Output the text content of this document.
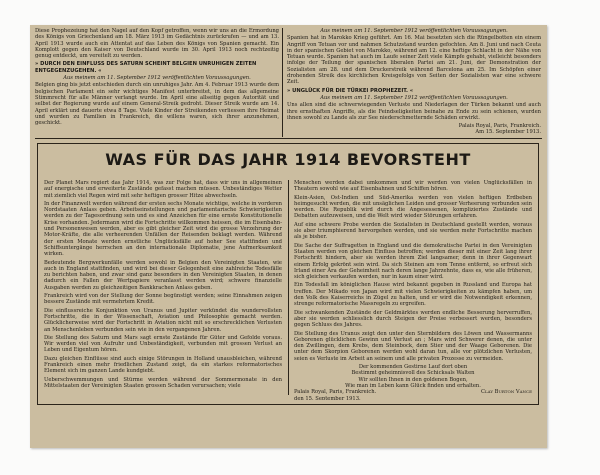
Diese Prophezeiung hat den Nagel auf den Kopf getroffen, wenn wir uns an die Ermordung des Königs von Griechenland am 18. März 1913 im Gedächtnis zurückrufen — und am 13. April 1913 wurde auch ein Attentat auf das Leben des Königs von Spanien gemacht. Ein Komplott gegen den Kaiser von Deutschland wurde im 30. April 1913 noch rechtzeitig genug entdeckt, um vereitelt zu werden.

» DURCH DEN EINFLUSS DES SATURN SCHEINT BELGIEN UNRUHIGEN ZEITEN ENTGEGENZUGEHEN. «
Aus meinem am 11. September 1912 veröffentlichten Voraussagungen.

Belgien ging bis jetzt entschieden durch ein unruhiges Jahr. Am 4. Februar 1913 wurde dem belgischen Parlament ein sehr wichtiges Manifest unterbreitet, in dem das allgemeine Stimmrecht für alle Männer verlangt wurde. Im April eine allseitig gegen Autorität und selbst der Regierung wurde auf einem General-Streik gedroht. Dieser Streik wurde am 14. April erklärt und dauerte etwa 8 Tage. Viele Kinder der Streikenden verliessen ihre Heimat und wurden zu Familien in Frankreich, die willens waren, sich ihrer anzunehmen, geschickt.

Aus meinem am 11. September 1912 veröffentlichten Voraussagungen.

Spanien hat in Marokko Krieg geführt. Am 16. Mai besetzten sich die Rüngelbotten ein einem Angriff von Tetuan vor und nahmen Schutzstand wurden gefochten. Am 8. Juni und nach Ceuta in der spanischen Gebiet von Marokko, während am 12. eine heftige Schlacht in der Nähe von Tetuan wurde. Spanien hat auch im Laufe seiner Zeit viele Kämpfe gehabt, vielleicht besonders infolge der Teilung der spanischen liberalen Partei am 21. Juni, der Demonstration der Sozialisten am 28. und dem Druckerstreik während Barcelona am 25. Im Schöpfen einer drohenden Streik des kirchlichen Kreisgefolgs von Seiten der Sozialisten war eine schwere Zeit.

» UNGLÜCK FÜR DIE TÜRKEI PROPHEZEIT. «
Aus meinem am 11. September 1912 veröffentlichten Voraussagungen.

Uns allen sind die schwerwiegenden Verluste und Niederlagen der Türken bekannt und auch ihre ernsthaften Angriffe, als die Feindseligkeiten beinahe zu Ende zu sein schienen, wurden ihnen sowohl zu Lande als zur See niederschmetternde Schäden erwirkt.

Palais Royal, Paris, Frankreich.
Am 15. September 1913.
WAS FÜR DAS JAHR 1914 BEVORSTEHT

Der Planet Mars regiert das Jahr 1914, was zur Folge hat, dass wir uns in allgemeinen auf energische und erweiterte Zustände gefasst machen müssen. Unbeständiges Wetter mit ziemlich viel Regen wird mit sehr heftigen grosser Hitze abwechseln.

In der Finanzwelt werden während der ersten sechs Monate wichtige, welche in vorderen Nordstaaten Anlass geben. Arbeitseinstellungen und parlamentarische Schwierigkeiten werden zu der Tagesordnung sein und es sind Anzeichen für eine ernste Konstitutionelle Krise vorhanden. Jedermann wird die Fortschritte willkommen heissen, die im Eisenbahn- und Personenwesen werden, aber es gibt gleicher Zeit wird die grosse Verzehrung der Motor-Kräfte, die alle verheerenden Unfällen der Reisenden beklagt werden. Während der ersten Monate werden ernstliche Unglücksfälle auf hoher See stattfinden und Schiffsuntergänge herrschen an den internationale Diplomatie, jene Aufmerksamkeit wirken.

Bedeutende Bergwerkunfälle werden sowohl in Belgien den Vereinigten Staaten, wie auch in England stattfinden, und wird bei dieser Gelegenheit eine zahlreiche Todesfälle zu berichten haben, und zwar sind ganz besonders in den Vereinigten Staaten, in denen dadurch ein Fallen der Wertpapiere veranlasst werden wird; schwere finanzielle Ausgaben werden zu gleichzeitigen Bankkrachen Anlass geben.

Frankreich wird von der Stellung der Sonne begünstigt werden; seine Einnahmen zeigen bessere Zustände mit vermehrtem Kredit.

Die einflussreiche Konjunktion von Uranus und Jupiter verkündet die wundervollsten Fortschritte, die in der Wissenschaft, Aviation und Philosophie gemacht werden. Glücklicherweise wird der Fortschritt in Aviation nicht mit so erschrecklichen Verlusten an Menschenleben verbunden sein wie in den vergangenen Jahren.

Die Stellung des Saturn und Mars sagt ernste Zustände für Güter und Gefolde voraus. Wir werden viel von Aufruhr und Unbeständigkeit, verbunden mit grossen Verlust an Leben und Eigentum hören.

Dazu gleichen Einflüsse sind auch einige Störungen in Holland unausbleichen, während Frankreich einen mehr friedlichen Zustand zeigt, da ein starkes reformatorisches Element sich im ganzen Lande kundgiebt.

Ueberschwemmungen und Stürme werden während der Sommermonate in den Mittelstaaten der Vereinigten Staaten grossen Schaden verursachen; viele

Menschen werden dabei umkommen und wir werden von vielen Unglücksfällen in Theatern sowohl wie auf Eisenbahnen und Schiffen hören.

Klein-Asien, Ost-Indien und Süd-Amerika werden von vielen heftigen Erdbeben heimgesucht werden, die mit unsäglichen Leiden und grosser Verheerung verbunden sein werden. Die Republik wird durch die Angesessenen, kompliziertes Zustände und Debatten aufzuweisen, und die Welt wird wieder Störungen erfahren.

Auf eine schwere Probe werden die Sozialisten in Deutschland gestellt werden, woraus sie aber triumphierend hervorgehen werden, und sie werden mehr Fortschritte machen als je bisher.

Die Sache der Suffragetten in England und die demokratische Partei in den Vereinigten Staaten werden von gleichen Einfluss betroffen; werden dieser mit einer Zeit lang ihrer Fortschritt hindern, aber sie werden ihrem Ziel langsamer, denn in ihrer Gegenwart einem Erfolg gekrönt sein wird. Da sich Steinen am vom Tenne entfernt, so erfreut sich Irland einer Ära der Geheimheit nach deren lange Jahrzehnte, dass es, wie alle früheren, sich gleichen verkaufen werden, nur in kaum einer wird.

Ein Todesfall im königlichen Hause wird bekannt gegeben in Russland und Europa hat treffen. Der Mikado von Japan wird mit vielen Schwierigkeiten zu kämpfen haben, um den Volk des Kaiserreichs in Zügel zu halten, und er wird die Notwendigkeit erkennen, strenge reformatorische Massregeln zu ergreifen.

Die schwankenden Zustände der Geldmärktes werden endliche Besserung herverruffen, aber sie werden schliesslich durch Steigen der Preise verbessert werden, besonders gegen Schluss des Jahres.

Die Stellung des Uranus zeigt den unter den Sternbildern des Löwen und Wassermanns Geborenen glücklichen Gewinn und Verlust an ; Mars wird Schwerer denen, die unter den Zwillingen, dem Krebs, dem Steinbock, dem Stier und der Waage Geborenen. Die unter dem Skorpion Geborenen werden wohl daran tun, alle vor plötzlichen Verlusten, seien es Verluste im Arbeit an seinem und alle privaten Prozesse zu vermeiden.

Der kommenden Gestirne Lauf dort oben
Bestimmt geheimnisvoll des Schicksals Walten
Wir sollten Ihnen in den goldenen Bogen,
Wie man im Leben kann Glück finden und erhalten.
Palais Royal, Paris, Frankreich.	Clay Burton Vance
den 15. September 1913.
